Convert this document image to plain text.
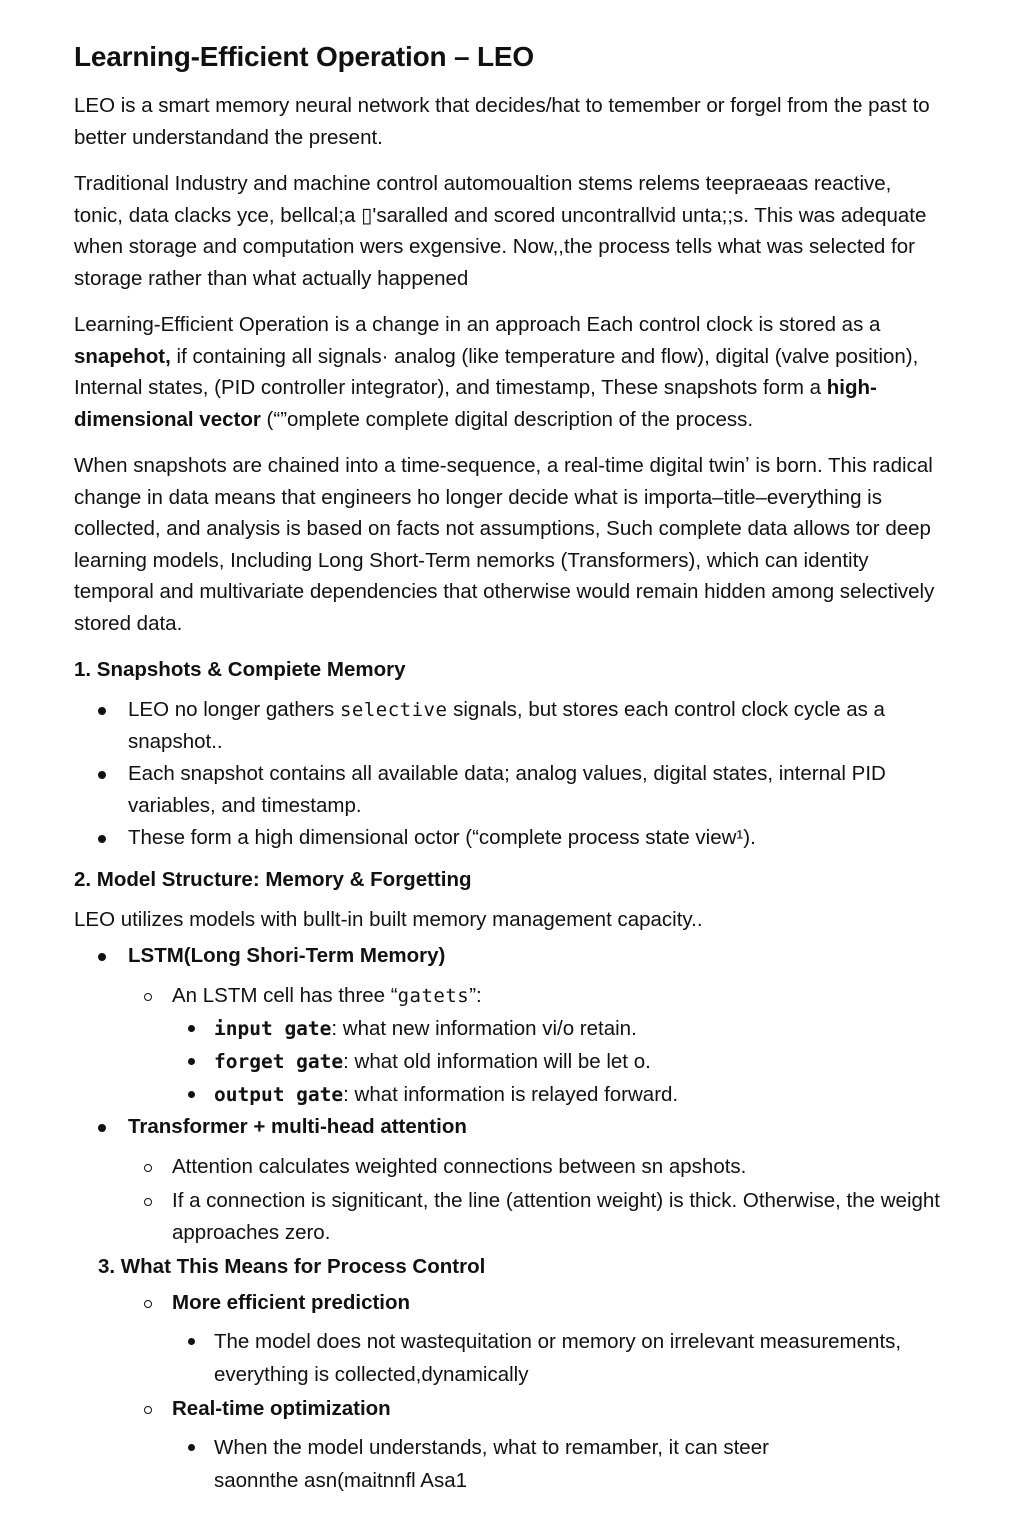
Learning-Efficient Operation – LEO

LEO is a smart memory neural network that decides/hat to temember or forgel from the past to better understandand the present.

Traditional Industry and machine control automoualtion stems relems teepraeaas reactive, tonic, data clacks yce, bellcal;a ▯'saralled and scored uncontrallvid unta;;s. This was adequate when storage and computation wers exgensive. Now,,the process tells what was selected for storage rather than what actually happened

Learning-Efficient Operation is a change in an approach Each control clock is stored as a snapehot, if containing all signals· analog (like temperature and flow), digital (valve position), Internal states, (PID controller integrator), and timestamp, These snapshots form a high-dimensional vector (“”omplete complete digital description of the process.

When snapshots are chained into a time-sequence, a real-time digital twinʼ is born. This radical change in data means that engineers ho longer decide what is importa–title–everything is collected, and analysis is based on facts not assumptions, Such complete data allows tor deep learning models, Including Long Short-Term nemorks (Transformers), which can identity temporal and multivariate dependencies that otherwise would remain hidden among selectively stored data.

1. Snapshots & Compiete Memory
LEO no longer gathers selective signals, but stores each control clock cycle as a snapshot..
Each snapshot contains all available data; analog values, digital states, internal PID variables, and timestamp.
These form a high dimensional octor (“complete process state view¹).
2. Model Structure: Memory & Forgetting

LEO utilizes models with bullt-in built memory management capacity..

LSTM(Long Shori-Term Memory)
An LSTM cell has three “gatets”:
input gate: what new information vi/o retain.
forget gate: what old information will be let o.
output gate: what information is relayed forward.
Transformer + multi-head attention
Attention calculates weighted connections between sn apshots.
If a connection is signiticant, the line (attention weight) is thick. Otherwise, the weight approaches zero.
3. What This Means for Process Control
More efficient prediction
The model does not wastequitation or memory on irrelevant measurements, everything is collected,dynamically
Real-time optimization
When the model understands, what to remamber, it can steer
saonnthe asn(maitnnfl Asa1
